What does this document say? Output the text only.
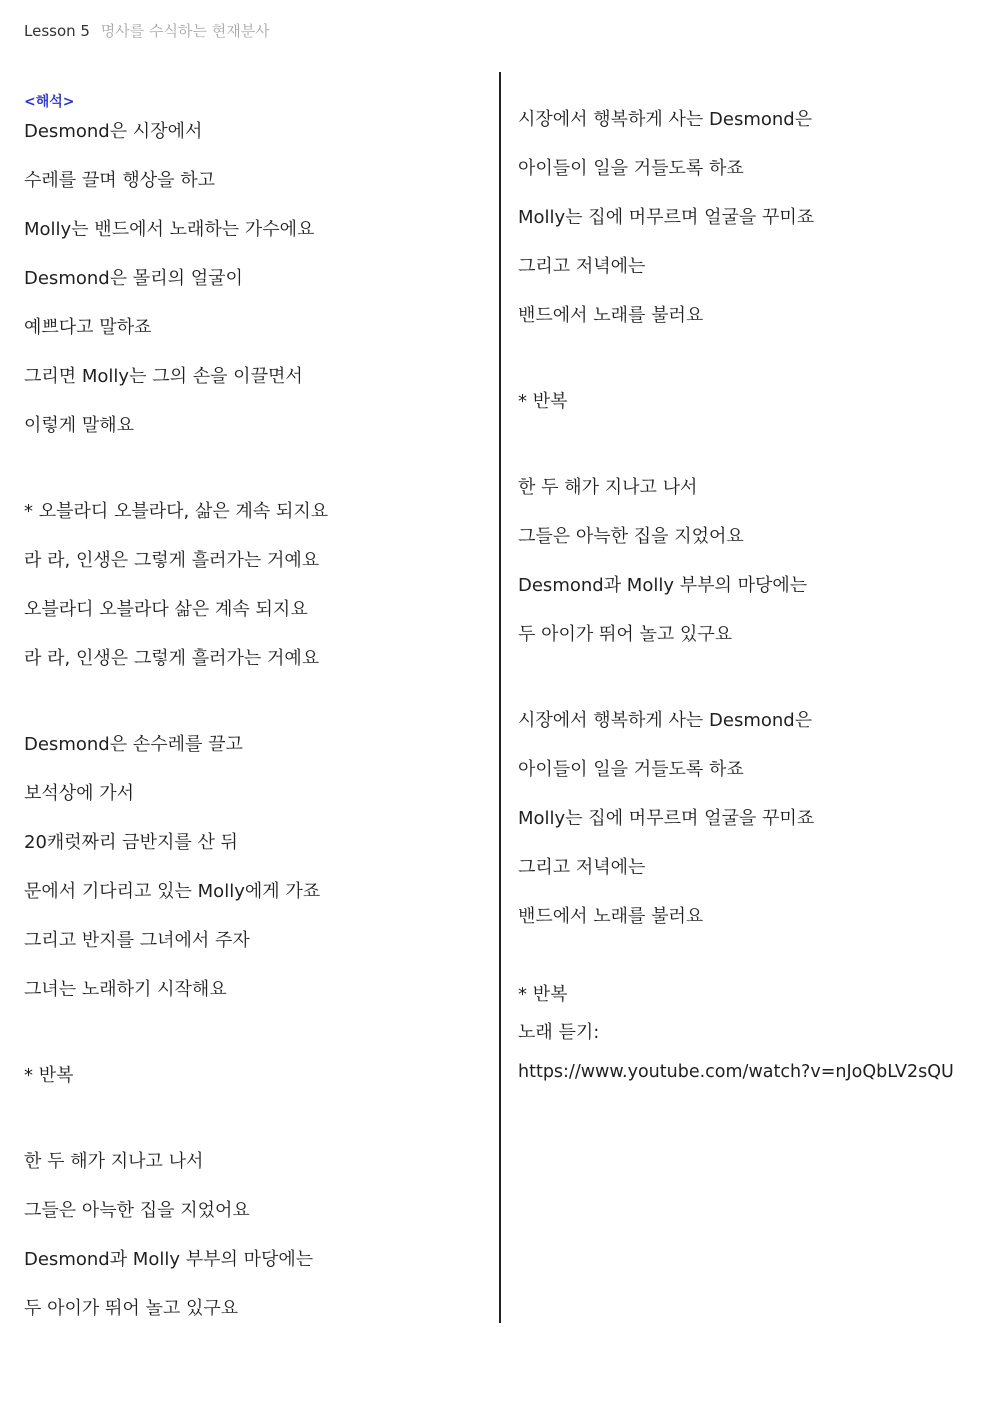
Lesson 5 명사를 수식하는 현재분사
<해석>
Desmond은 시장에서
수레를 끌며 행상을 하고
Molly는 밴드에서 노래하는 가수에요
Desmond은 몰리의 얼굴이
예쁘다고 말하죠
그리면 Molly는 그의 손을 이끌면서
이렇게 말해요
* 오블라디 오블라다, 삶은 계속 되지요
라 라, 인생은 그렇게 흘러가는 거예요
오블라디 오블라다 삶은 계속 되지요
라 라, 인생은 그렇게 흘러가는 거예요
Desmond은 손수레를 끌고
보석상에 가서
20캐럿짜리 금반지를 산 뒤
문에서 기다리고 있는 Molly에게 가죠
그리고 반지를 그녀에서 주자
그녀는 노래하기 시작해요
* 반복
한 두 해가 지나고 나서
그들은 아늑한 집을 지었어요
Desmond과 Molly 부부의 마당에는
두 아이가 뛰어 놀고 있구요
시장에서 행복하게 사는 Desmond은
아이들이 일을 거들도록 하죠
Molly는 집에 머무르며 얼굴을 꾸미죠
그리고 저녁에는
밴드에서 노래를 불러요
* 반복
한 두 해가 지나고 나서
그들은 아늑한 집을 지었어요
Desmond과 Molly 부부의 마당에는
두 아이가 뛰어 놀고 있구요
시장에서 행복하게 사는 Desmond은
아이들이 일을 거들도록 하죠
Molly는 집에 머무르며 얼굴을 꾸미죠
그리고 저녁에는
밴드에서 노래를 불러요
* 반복
노래 듣기:
https://www.youtube.com/watch?v=nJoQbLV2sQU
